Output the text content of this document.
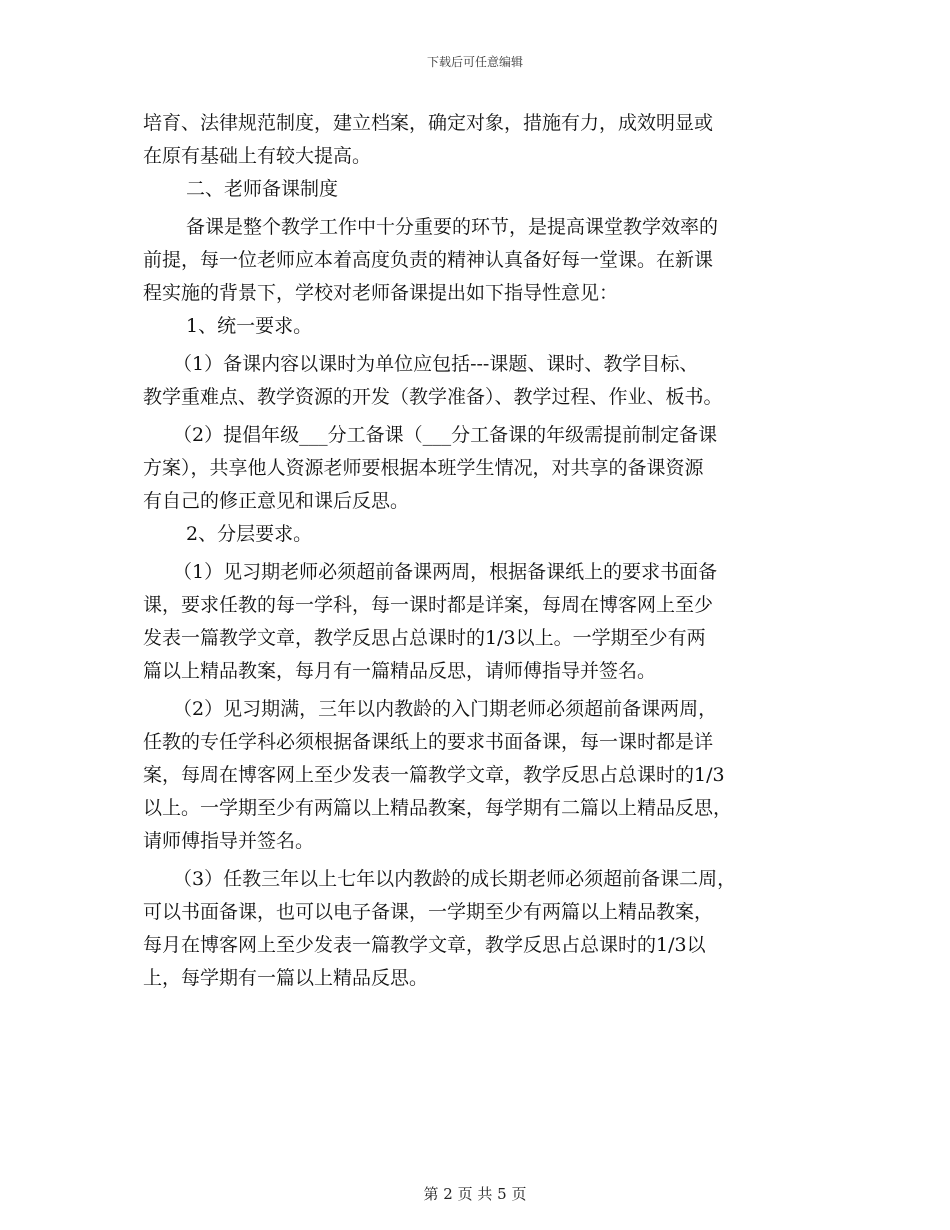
下载后可任意编辑
培育、法律规范制度，建立档案，确定对象，措施有力，成效明显或
在原有基础上有较大提高。
二、老师备课制度
备课是整个教学工作中十分重要的环节，是提高课堂教学效率的
前提，每一位老师应本着高度负责的精神认真备好每一堂课。在新课
程实施的背景下，学校对老师备课提出如下指导性意见：
1、统一要求。
（1）备课内容以课时为单位应包括---课题、课时、教学目标、
教学重难点、教学资源的开发（教学准备）、教学过程、作业、板书。
（2）提倡年级___分工备课（___分工备课的年级需提前制定备课
方案），共享他人资源老师要根据本班学生情况，对共享的备课资源
有自己的修正意见和课后反思。
2、分层要求。
（1）见习期老师必须超前备课两周，根据备课纸上的要求书面备
课，要求任教的每一学科，每一课时都是详案，每周在博客网上至少
发表一篇教学文章，教学反思占总课时的1/3以上。一学期至少有两
篇以上精品教案，每月有一篇精品反思，请师傅指导并签名。
（2）见习期满，三年以内教龄的入门期老师必须超前备课两周，
任教的专任学科必须根据备课纸上的要求书面备课，每一课时都是详
案，每周在博客网上至少发表一篇教学文章，教学反思占总课时的1/3
以上。一学期至少有两篇以上精品教案，每学期有二篇以上精品反思，
请师傅指导并签名。
（3）任教三年以上七年以内教龄的成长期老师必须超前备课二周，
可以书面备课，也可以电子备课，一学期至少有两篇以上精品教案，
每月在博客网上至少发表一篇教学文章，教学反思占总课时的1/3以
上，每学期有一篇以上精品反思。
第 2 页 共 5 页
